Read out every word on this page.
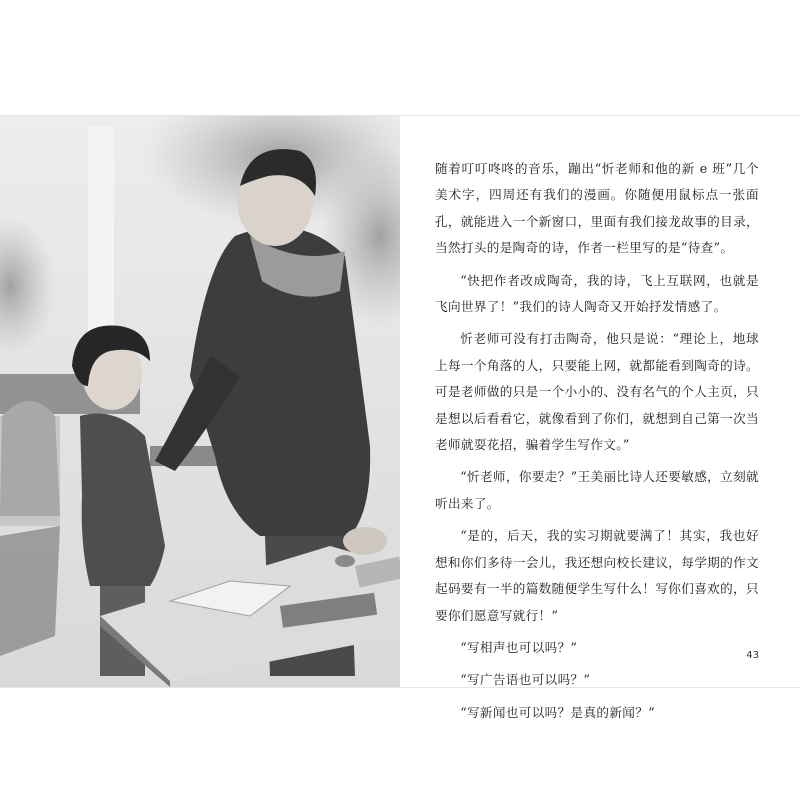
随着叮叮咚咚的音乐，蹦出“忻老师和他的新 e 班”几个美术字，四周还有我们的漫画。你随便用鼠标点一张面孔，就能进入一个新窗口，里面有我们接龙故事的目录，当然打头的是陶奇的诗，作者一栏里写的是“待查”。

“快把作者改成陶奇，我的诗，飞上互联网，也就是飞向世界了！”我们的诗人陶奇又开始抒发情感了。

忻老师可没有打击陶奇，他只是说：“理论上，地球上每一个角落的人，只要能上网，就都能看到陶奇的诗。可是老师做的只是一个小小的、没有名气的个人主页，只是想以后看看它，就像看到了你们，就想到自己第一次当老师就耍花招，骗着学生写作文。”

“忻老师，你要走？”王美丽比诗人还要敏感，立刻就听出来了。

“是的，后天，我的实习期就要满了！其实，我也好想和你们多待一会儿，我还想向校长建议，每学期的作文起码要有一半的篇数随便学生写什么！写你们喜欢的，只要你们愿意写就行！”

“写相声也可以吗？”

“写广告语也可以吗？”

“写新闻也可以吗？是真的新闻？”

43
